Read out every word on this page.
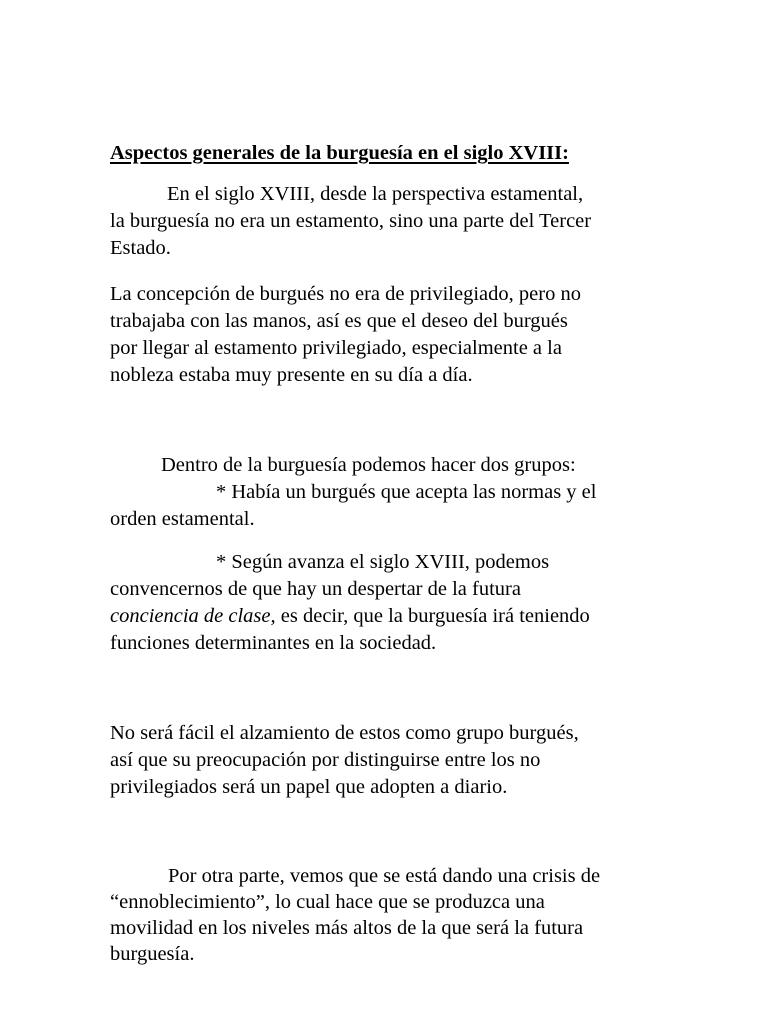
Aspectos generales de la burguesía en el siglo XVIII:

En el siglo XVIII, desde la perspectiva estamental,

la burguesía no era un estamento, sino una parte del Tercer

Estado.

La concepción de burgués no era de privilegiado, pero no

trabajaba con las manos, así es que el deseo del burgués

por llegar al estamento privilegiado, especialmente a la

nobleza estaba muy presente en su día a día.

Dentro de la burguesía podemos hacer dos grupos:

* Había un burgués que acepta las normas y el

orden estamental.

* Según avanza el siglo XVIII, podemos

convencernos de que hay un despertar de la futura

conciencia de clase, es decir, que la burguesía irá teniendo

funciones determinantes en la sociedad.

No será fácil el alzamiento de estos como grupo burgués,

así que su preocupación por distinguirse entre los no

privilegiados será un papel que adopten a diario.

Por otra parte, vemos que se está dando una crisis de

“ennoblecimiento”, lo cual hace que se produzca una

movilidad en los niveles más altos de la que será la futura

burguesía.
